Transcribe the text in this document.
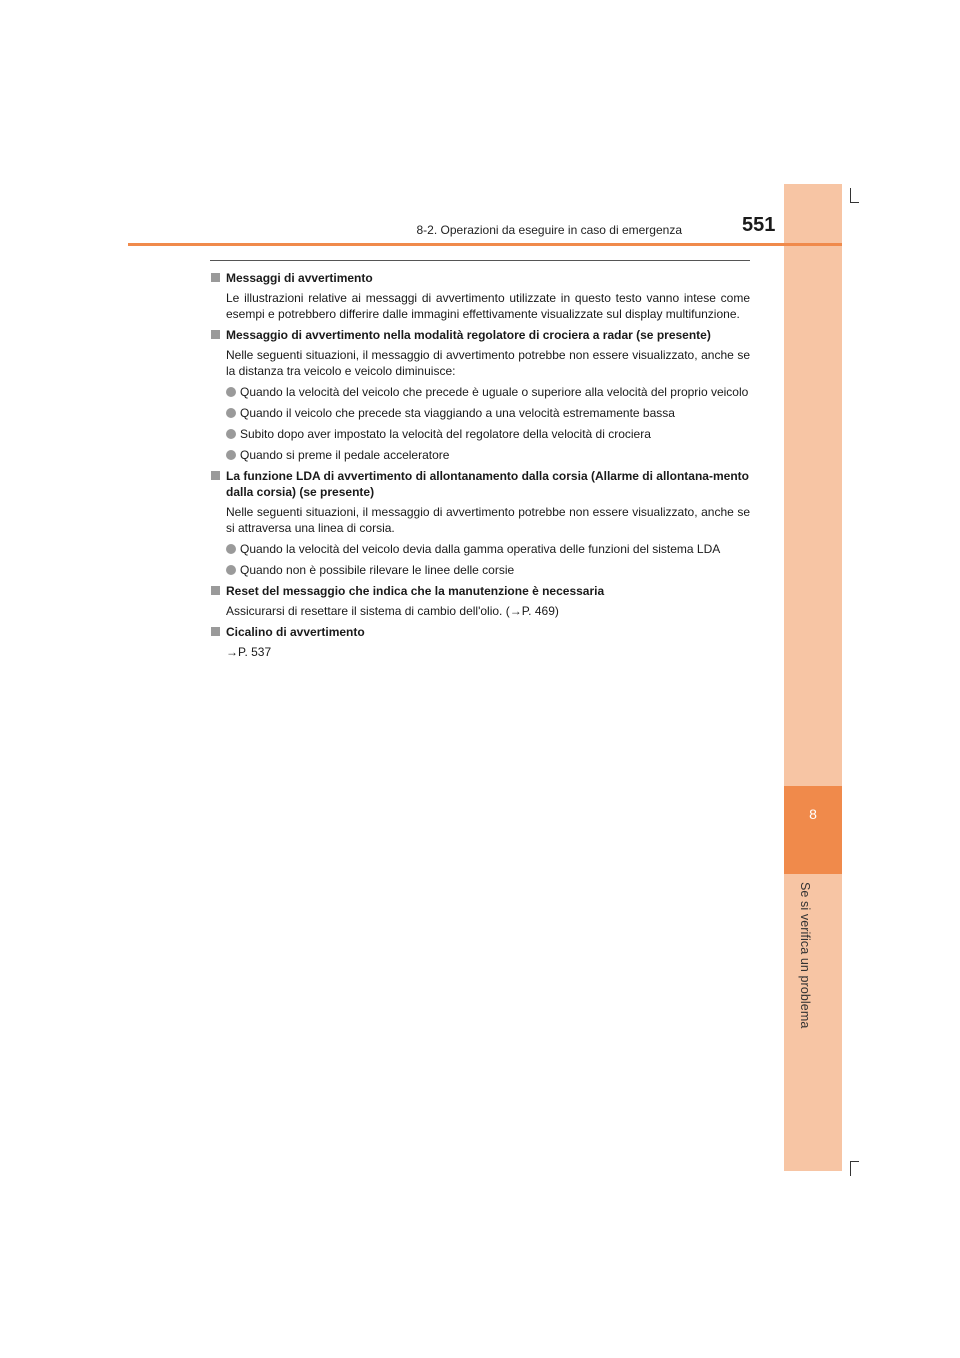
8
Se si verifica un problema
8-2. Operazioni da eseguire in caso di emergenza	551
Messaggi di avvertimento
Le illustrazioni relative ai messaggi di avvertimento utilizzate in questo testo vanno intese come esempi e potrebbero differire dalle immagini effettivamente visualizzate sul display multifunzione.
Messaggio di avvertimento nella modalità regolatore di crociera a radar (se presente)
Nelle seguenti situazioni, il messaggio di avvertimento potrebbe non essere visualizzato, anche se la distanza tra veicolo e veicolo diminuisce:
Quando la velocità del veicolo che precede è uguale o superiore alla velocità del proprio veicolo
Quando il veicolo che precede sta viaggiando a una velocità estremamente bassa
Subito dopo aver impostato la velocità del regolatore della velocità di crociera
Quando si preme il pedale acceleratore
La funzione LDA di avvertimento di allontanamento dalla corsia (Allarme di allontana-mento dalla corsia) (se presente)
Nelle seguenti situazioni, il messaggio di avvertimento potrebbe non essere visualizzato, anche se si attraversa una linea di corsia.
Quando la velocità del veicolo devia dalla gamma operativa delle funzioni del sistema LDA
Quando non è possibile rilevare le linee delle corsie
Reset del messaggio che indica che la manutenzione è necessaria
Assicurarsi di resettare il sistema di cambio dell'olio. (→P. 469)
Cicalino di avvertimento
→P. 537
